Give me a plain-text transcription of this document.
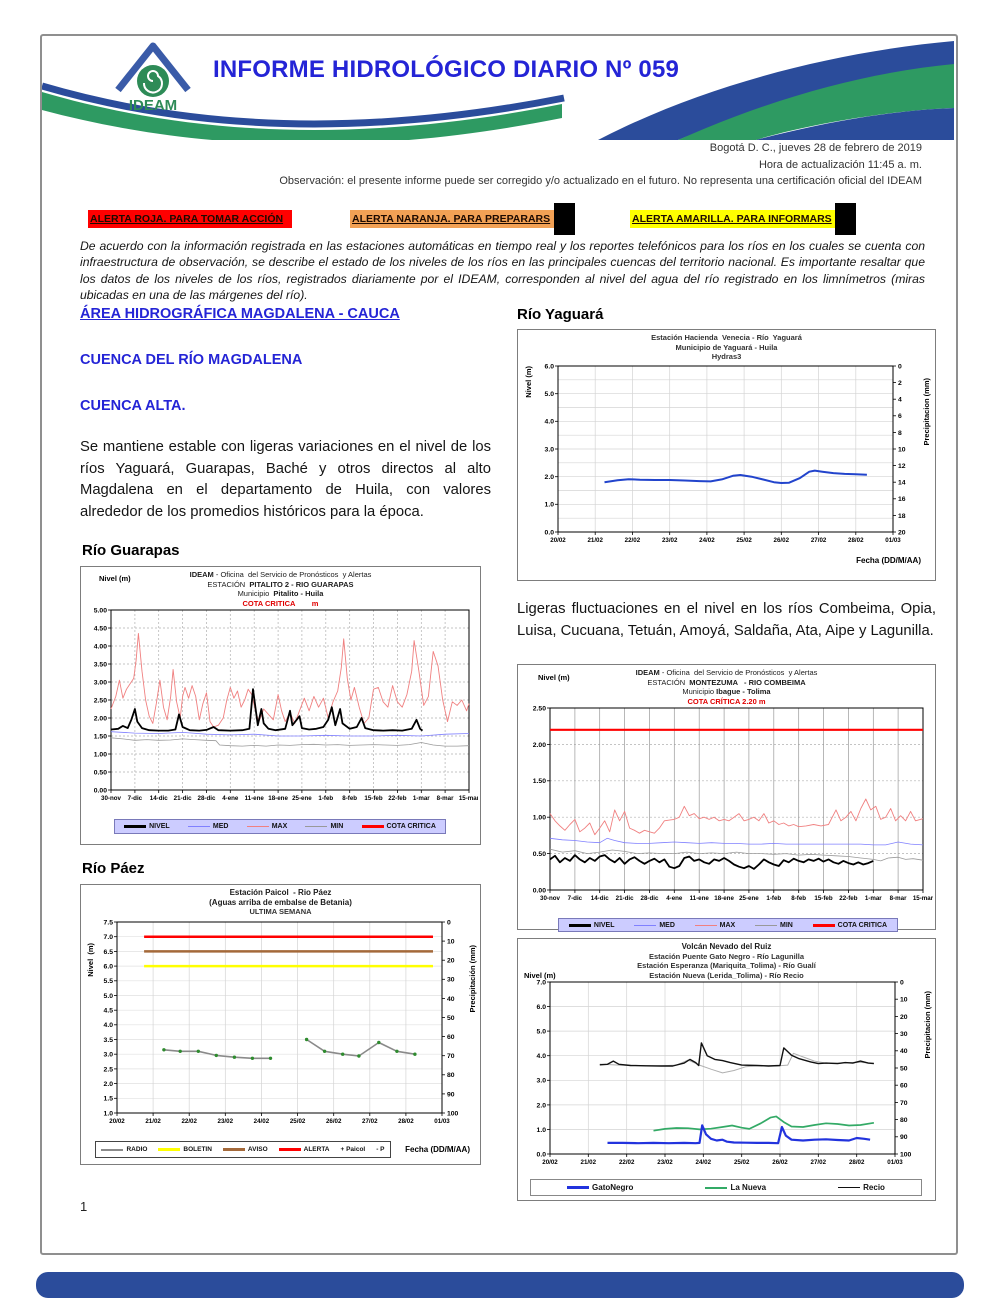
IDEAM
INFORME HIDROLÓGICO DIARIO Nº 059
Bogotá D. C., jueves 28 de febrero de 2019
Hora de actualización 11:45 a. m.
Observación: el presente informe puede ser corregido y/o actualizado en el futuro. No representa una certificación oficial del IDEAM
ALERTA ROJA. PARA TOMAR ACCIÓN	ALERTA NARANJA. PARA PREPARARS	ALERTA AMARILLA. PARA INFORMARS
De acuerdo con la información registrada en las estaciones automáticas en tiempo real y los reportes telefónicos para los ríos en los cuales se cuenta con infraestructura de observación, se describe el estado de los niveles de los ríos en las principales cuencas del territorio nacional. Es importante resaltar que los datos de los niveles de los ríos, registrados diariamente por el IDEAM, corresponden al nivel del agua del río registrado en los limnímetros (miras ubicadas en una de las márgenes del río).
ÁREA HIDROGRÁFICA MAGDALENA - CAUCA
CUENCA DEL RÍO MAGDALENA
CUENCA ALTA.
Se mantiene estable con ligeras variaciones en el nivel de los ríos Yaguará, Guarapas, Baché y otros directos al alto Magdalena en el departamento de Huila, con valores alrededor de los promedios históricos para la época.
Río Guarapas
IDEAM - Oficina  del Servicio de Pronósticos  y Alertas
ESTACIÓN  PITALITO 2 - RIO GUARAPAS
Municipio  Pitalito - Huila
COTA CRITICA        m
0.00
0.50
1.00
1.50
2.00
2.50
3.00
3.50
4.00
4.50
5.00
30-nov 7-dic 14-dic 21-dic 28-dic 4-ene 11-ene 18-ene 25-ene 1-feb 8-feb 15-feb 22-feb 1-mar 8-mar 15-mar
Nivel (m)
NIVEL	MED	MAX	MIN	COTA CRITICA
Río Páez
Estación Paicol  - Rio Páez
(Aguas arriba de embalse de Betania)
ULTIMA SEMANA
1.0
1.5
2.0
2.5
3.0
3.5
4.0
4.5
5.0
5.5
6.0
6.5
7.0
7.5	0
10
20
30
40
50
60
70
80
90
100
20/02	21/02	22/02	23/02	24/02	25/02	26/02	27/02	28/02	01/03
Nivel  (m)	Precipitación (mm)
Fecha (DD/M/AA)
RADIO	BOLETIN	AVISO	ALERTA + Paicol - P
1
Río Yaguará
Estación Hacienda  Venecia - Río  Yaguará
Municipio de Yaguará - Huila
Hydras3
0.0
1.0
2.0
3.0
4.0
5.0
6.0	0
2
4
6
8
10
12
14
16
18
20
20/02	21/02	22/02	23/02	24/02	25/02	26/02	27/02	28/02	01/03
Nivel (m)	Precipitacion (mm)
Fecha (DD/M/AA)
Ligeras fluctuaciones en el nivel en los ríos Combeima, Opia, Luisa, Cucuana, Tetuán, Amoyá, Saldaña, Ata, Aipe y Lagunilla.
IDEAM - Oficina  del Servicio de Pronósticos  y Alertas
ESTACIÓN  MONTEZUMA   - RIO COMBEIMA
Municipio Ibague - Tolima
COTA CRÍTICA 2.20 m
0.00
0.50
1.00
1.50
2.00
2.50
30-nov 7-dic 14-dic 21-dic 28-dic 4-ene 11-ene 18-ene 25-ene 1-feb 8-feb 15-feb 22-feb 1-mar 8-mar 15-mar
Nivel (m)
NIVEL	MED	MAX	MIN	COTA CRITICA
Volcán Nevado del Ruiz
Estación Puente Gato Negro - Río Lagunilla
Estación Esperanza (Mariquita_Tolima) - Río Gualí
Estación Nueva (Lerida_Tolima) - Río Recio
0.0
1.0
2.0
3.0
4.0
5.0
6.0
7.0	0
10
20
30
40
50
60
70
80
90
100
20/02	21/02	22/02	23/02	24/02	25/02	26/02	27/02	28/02	01/03
Nivel (m)
Precipitacion (mm)
GatoNegro	La Nueva	Recio
